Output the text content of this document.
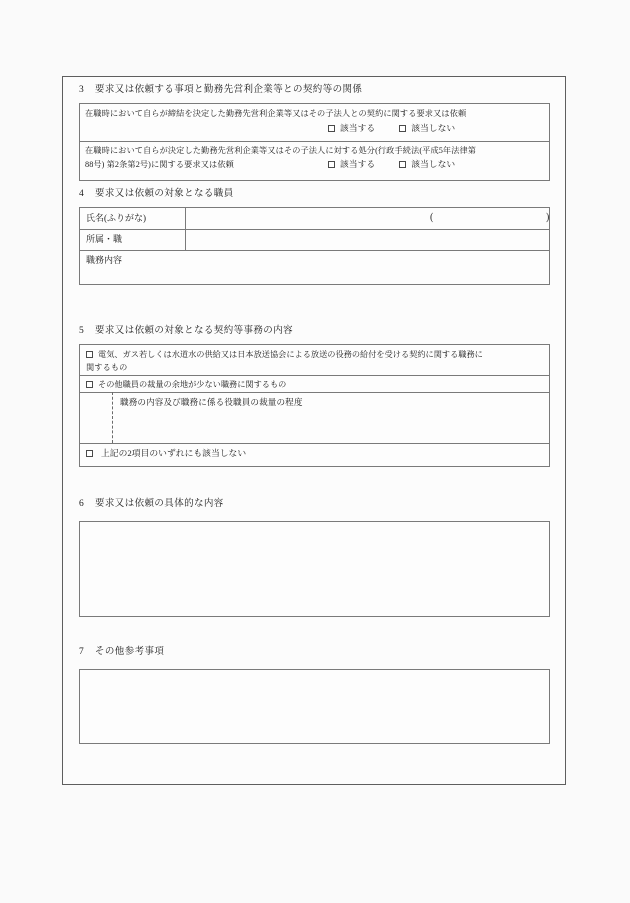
3 要求又は依頼する事項と勤務先営利企業等との契約等の関係
在職時において自らが締結を決定した勤務先営利企業等又はその子法人との契約に関する要求又は依頼
該当する	該当しない
在職時において自らが決定した勤務先営利企業等又はその子法人に対する処分(行政手続法(平成5年法律第
88号) 第2条第2号)に関する要求又は依頼	該当する	該当しない
4 要求又は依頼の対象となる職員
氏名(ふりがな)	(	)
所属・職
職務内容
5 要求又は依頼の対象となる契約等事務の内容
電気、ガス若しくは水道水の供給又は日本放送協会による放送の役務の給付を受ける契約に関する職務に
関するもの
その他職員の裁量の余地が少ない職務に関するもの
職務の内容及び職務に係る役職員の裁量の程度
上記の2項目のいずれにも該当しない
6 要求又は依頼の具体的な内容
7 その他参考事項
